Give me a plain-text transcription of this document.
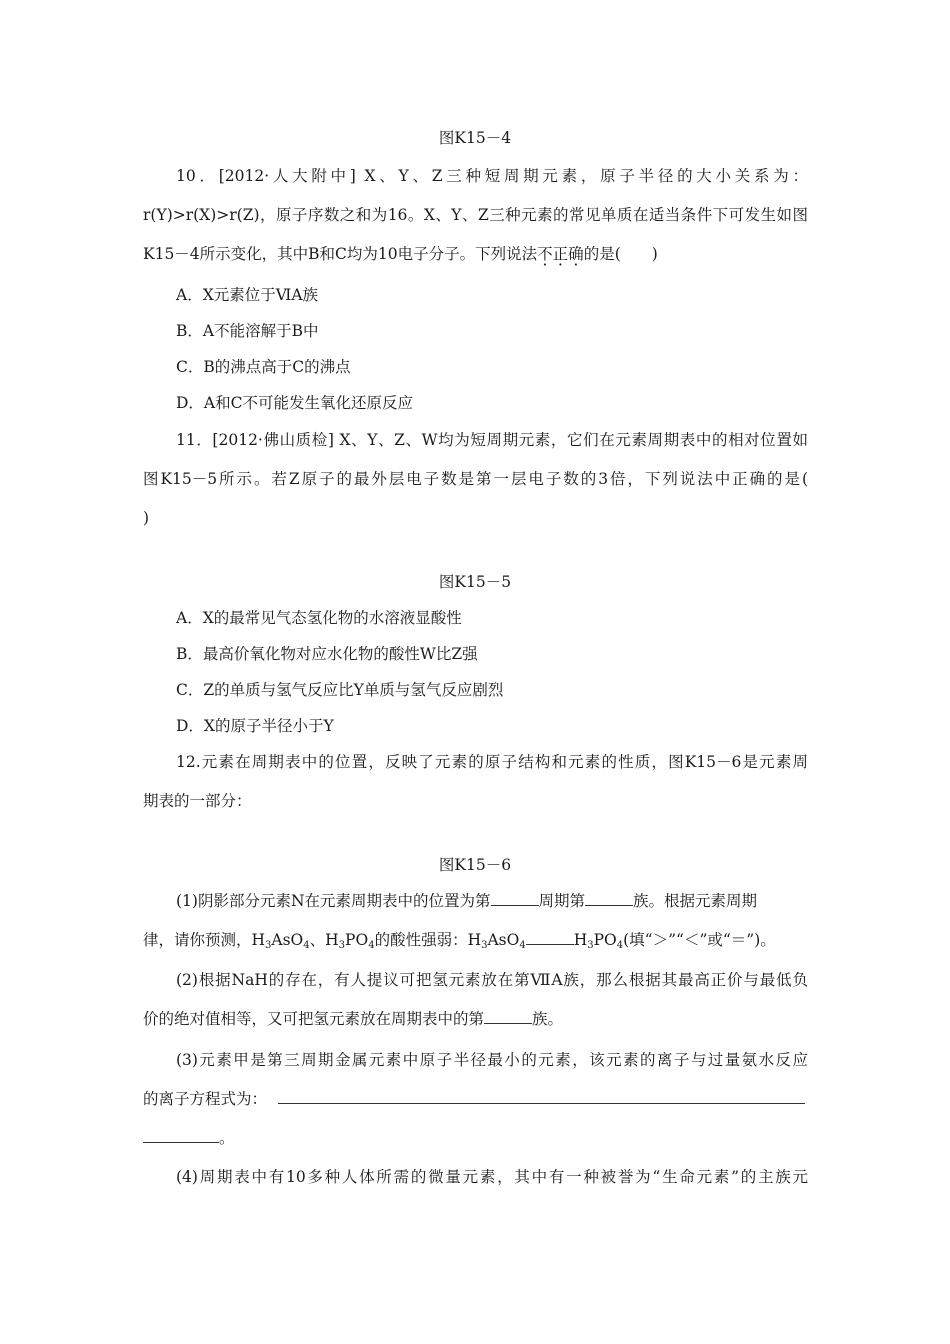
图K15－4
10．[2012·人大附中] X、Y、Z三种短周期元素，原子半径的大小关系为：
r(Y)>r(X)>r(Z)，原子序数之和为16。X、Y、Z三种元素的常见单质在适当条件下可发生如图
K15－4所示变化，其中B和C均为10电子分子。下列说法不正确的是(　　)
A．X元素位于ⅥA族
B．A不能溶解于B中
C．B的沸点高于C的沸点
D．A和C不可能发生氧化还原反应
11．[2012·佛山质检] X、Y、Z、W均为短周期元素，它们在元素周期表中的相对位置如
图K15－5所示。若Z原子的最外层电子数是第一层电子数的3倍，下列说法中正确的是(
)
图K15－5
A．X的最常见气态氢化物的水溶液显酸性
B．最高价氧化物对应水化物的酸性W比Z强
C．Z的单质与氢气反应比Y单质与氢气反应剧烈
D．X的原子半径小于Y
12.元素在周期表中的位置，反映了元素的原子结构和元素的性质，图K15－6是元素周
期表的一部分：
图K15－6
(1)阴影部分元素N在元素周期表中的位置为第	周期第	族。根据元素周期
律，请你预测，$H_3AsO_4$、$H_3PO_4$的酸性强弱：$H_3AsO_4$	$H_3PO_4$(填“＞”“＜”或“＝”)。
(2)根据NaH的存在，有人提议可把氢元素放在第ⅦA族，那么根据其最高正价与最低负
价的绝对值相等，又可把氢元素放在周期表中的第	族。
(3)元素甲是第三周期金属元素中原子半径最小的元素，该元素的离子与过量氨水反应
的离子方程式为：
。
(4)周期表中有10多种人体所需的微量元素，其中有一种被誉为“生命元素”的主族元
